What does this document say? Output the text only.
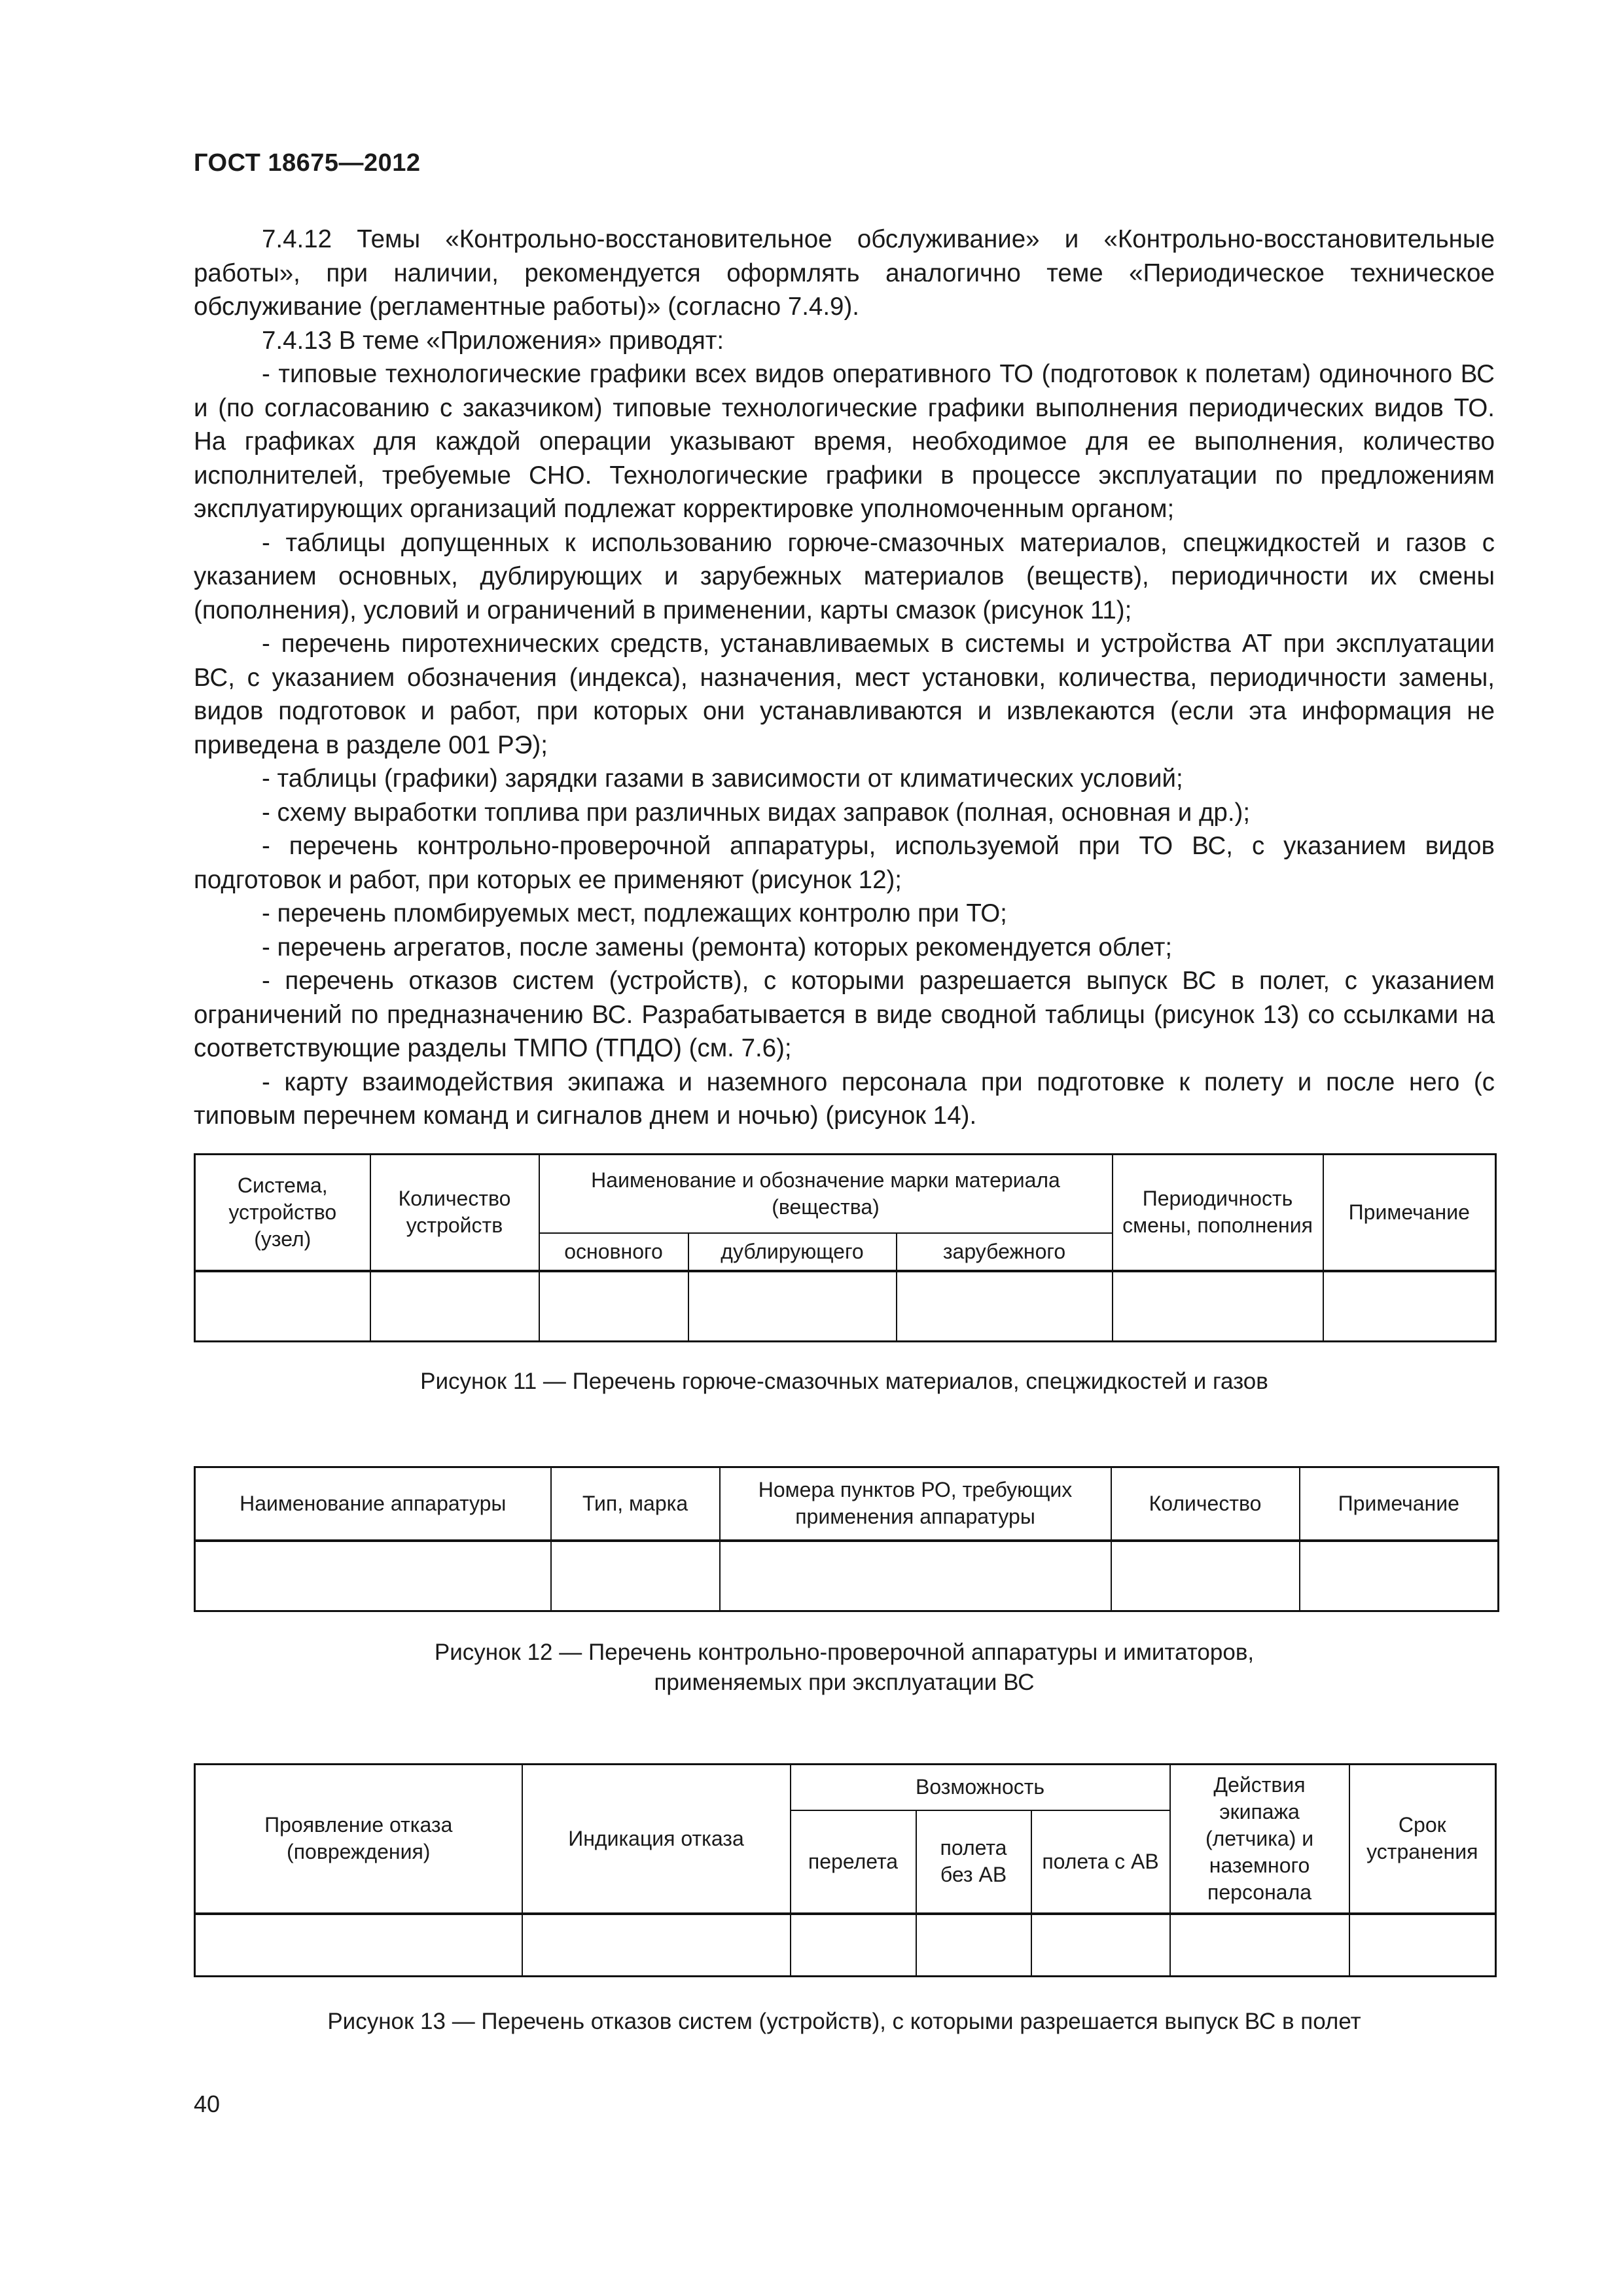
ГОСТ 18675—2012

7.4.12 Темы «Контрольно-восстановительное обслуживание» и «Контрольно-восстановительные работы», при наличии, рекомендуется оформлять аналогично теме «Периодическое техническое обслуживание (регламентные работы)» (согласно 7.4.9).

7.4.13 В теме «Приложения» приводят:

- типовые технологические графики всех видов оперативного ТО (подготовок к полетам) одиночного ВС и (по согласованию с заказчиком) типовые технологические графики выполнения периодических видов ТО. На графиках для каждой операции указывают время, необходимое для ее выполнения, количество исполнителей, требуемые СНО. Технологические графики в процессе эксплуатации по предложениям эксплуатирующих организаций подлежат корректировке уполномоченным органом;

- таблицы допущенных к использованию горюче-смазочных материалов, спецжидкостей и газов с указанием основных, дублирующих и зарубежных материалов (веществ), периодичности их смены (пополнения), условий и ограничений в применении, карты смазок (рисунок 11);

- перечень пиротехнических средств, устанавливаемых в системы и устройства АТ при эксплуатации ВС, с указанием обозначения (индекса), назначения, мест установки, количества, периодичности замены, видов подготовок и работ, при которых они устанавливаются и извлекаются (если эта информация не приведена в разделе 001 РЭ);

- таблицы (графики) зарядки газами в зависимости от климатических условий;

- схему выработки топлива при различных видах заправок (полная, основная и др.);

- перечень контрольно-проверочной аппаратуры, используемой при ТО ВС, с указанием видов подготовок и работ, при которых ее применяют (рисунок 12);

- перечень пломбируемых мест, подлежащих контролю при ТО;

- перечень агрегатов, после замены (ремонта) которых рекомендуется облет;

- перечень отказов систем (устройств), с которыми разрешается выпуск ВС в полет, с указанием ограничений по предназначению ВС. Разрабатывается в виде сводной таблицы (рисунок 13) со ссылками на соответствующие разделы ТМПО (ТПДО) (см. 7.6);

- карту взаимодействия экипажа и наземного персонала при подготовке к полету и после него (с типовым перечнем команд и сигналов днем и ночью) (рисунок 14).

Система, устройство (узел)	Количество устройств	Наименование и обозначение марки материала (вещества)			Периодичность смены, пополнения	Примечание
		основного	дублирующего	зарубежного		

Рисунок 11 — Перечень горюче-смазочных материалов, спецжидкостей и газов
Наименование аппаратуры	Тип, марка	Номера пунктов РО, требующих применения аппаратуры	Количество	Примечание

Рисунок 12 — Перечень контрольно-проверочной аппаратуры и имитаторов,
применяемых при эксплуатации ВС
Проявление отказа (повреждения)	Индикация отказа	Возможность			Действия экипажа (летчика) и наземного персонала	Срок устранения
		перелета	полета без АВ	полета с АВ		

Рисунок 13 — Перечень отказов систем (устройств), с которыми разрешается выпуск ВС в полет
40
